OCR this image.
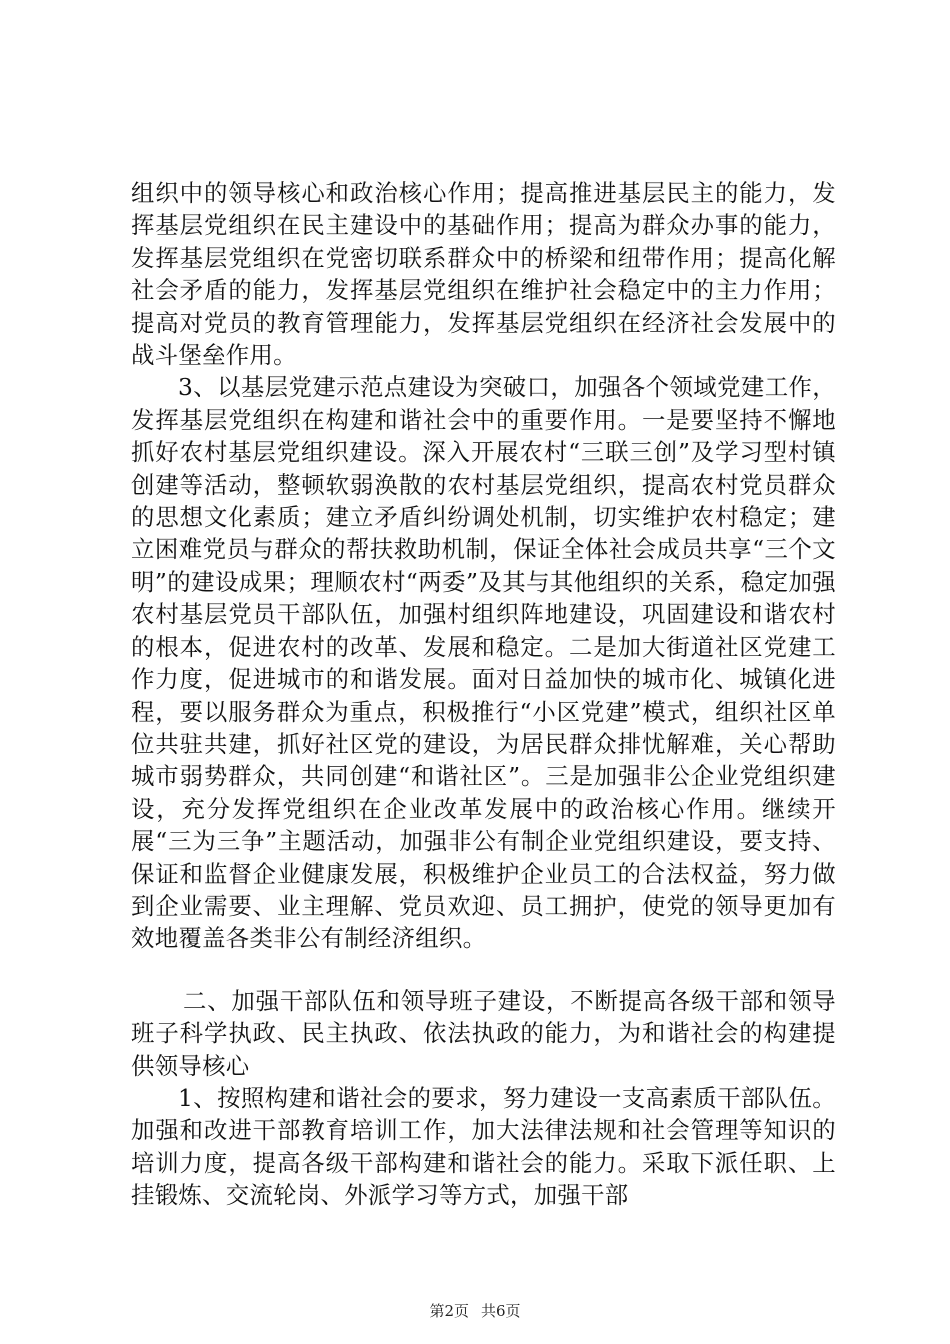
组织中的领导核心和政治核心作用；提高推进基层民主的能力，发挥基层党组织在民主建设中的基础作用；提高为群众办事的能力，发挥基层党组织在党密切联系群众中的桥梁和纽带作用；提高化解社会矛盾的能力，发挥基层党组织在维护社会稳定中的主力作用；提高对党员的教育管理能力，发挥基层党组织在经济社会发展中的战斗堡垒作用。

3、以基层党建示范点建设为突破口，加强各个领域党建工作，发挥基层党组织在构建和谐社会中的重要作用。一是要坚持不懈地抓好农村基层党组织建设。深入开展农村“三联三创”及学习型村镇创建等活动，整顿软弱涣散的农村基层党组织，提高农村党员群众的思想文化素质；建立矛盾纠纷调处机制，切实维护农村稳定；建立困难党员与群众的帮扶救助机制，保证全体社会成员共享“三个文明”的建设成果；理顺农村“两委”及其与其他组织的关系，稳定加强农村基层党员干部队伍，加强村组织阵地建设，巩固建设和谐农村的根本，促进农村的改革、发展和稳定。二是加大街道社区党建工作力度，促进城市的和谐发展。面对日益加快的城市化、城镇化进程，要以服务群众为重点，积极推行“小区党建”模式，组织社区单位共驻共建，抓好社区党的建设，为居民群众排忧解难，关心帮助城市弱势群众，共同创建“和谐社区”。三是加强非公企业党组织建设，充分发挥党组织在企业改革发展中的政治核心作用。继续开展“三为三争”主题活动，加强非公有制企业党组织建设，要支持、保证和监督企业健康发展，积极维护企业员工的合法权益，努力做到企业需要、业主理解、党员欢迎、员工拥护，使党的领导更加有效地覆盖各类非公有制经济组织。

二、加强干部队伍和领导班子建设，不断提高各级干部和领导班子科学执政、民主执政、依法执政的能力，为和谐社会的构建提供领导核心

1、按照构建和谐社会的要求，努力建设一支高素质干部队伍。加强和改进干部教育培训工作，加大法律法规和社会管理等知识的培训力度，提高各级干部构建和谐社会的能力。采取下派任职、上挂锻炼、交流轮岗、外派学习等方式，加强干部

第2页 共6页
